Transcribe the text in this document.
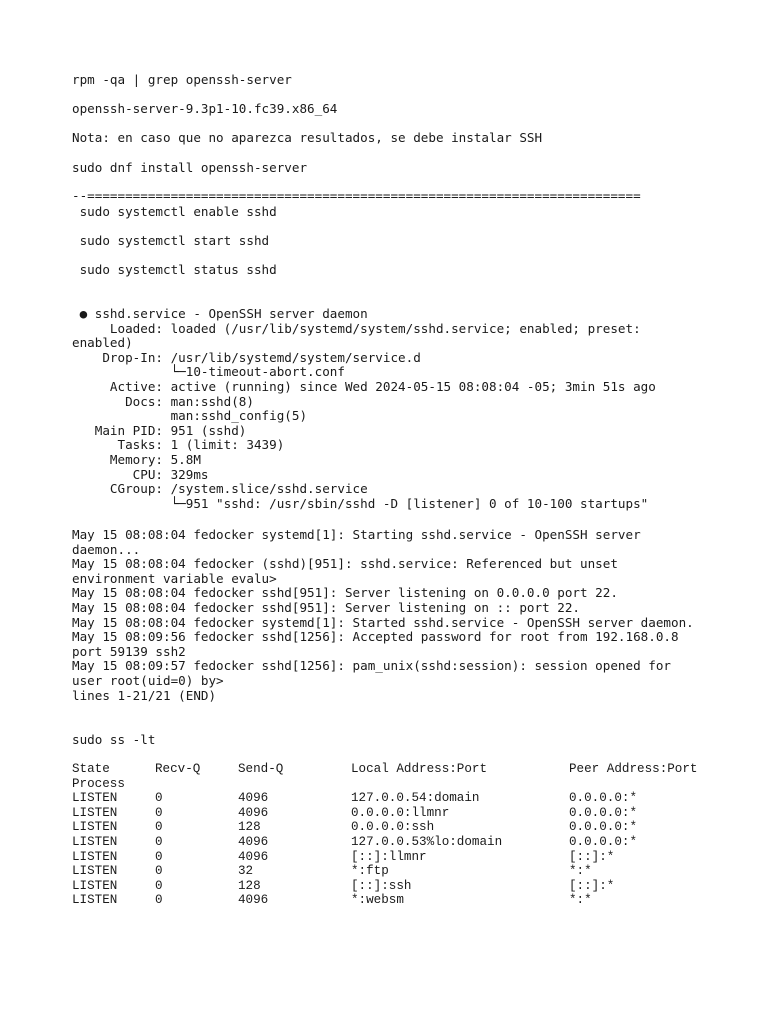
rpm -qa | grep openssh-server
openssh-server-9.3p1-10.fc39.x86_64
Nota: en caso que no aparezca resultados, se debe instalar SSH
sudo dnf install openssh-server
--=========================================================================
sudo systemctl enable sshd
sudo systemctl start sshd
sudo systemctl status sshd
● sshd.service - OpenSSH server daemon
Loaded: loaded (/usr/lib/systemd/system/sshd.service; enabled; preset:
enabled)
Drop-In: /usr/lib/systemd/system/service.d
└─10-timeout-abort.conf
Active: active (running) since Wed 2024-05-15 08:08:04 -05; 3min 51s ago
Docs: man:sshd(8)
man:sshd_config(5)
Main PID: 951 (sshd)
Tasks: 1 (limit: 3439)
Memory: 5.8M
CPU: 329ms
CGroup: /system.slice/sshd.service
└─951 "sshd: /usr/sbin/sshd -D [listener] 0 of 10-100 startups"
May 15 08:08:04 fedocker systemd[1]: Starting sshd.service - OpenSSH server
daemon...
May 15 08:08:04 fedocker (sshd)[951]: sshd.service: Referenced but unset
environment variable evalu>
May 15 08:08:04 fedocker sshd[951]: Server listening on 0.0.0.0 port 22.
May 15 08:08:04 fedocker sshd[951]: Server listening on :: port 22.
May 15 08:08:04 fedocker systemd[1]: Started sshd.service - OpenSSH server daemon.
May 15 08:09:56 fedocker sshd[1256]: Accepted password for root from 192.168.0.8
port 59139 ssh2
May 15 08:09:57 fedocker sshd[1256]: pam_unix(sshd:session): session opened for
user root(uid=0) by>
lines 1-21/21 (END)
sudo ss -lt
State	Recv-Q	Send-Q	Local Address:Port	Peer Address:Port
Process				
LISTEN	0	4096	127.0.0.54:domain	0.0.0.0:*
LISTEN	0	4096	0.0.0.0:llmnr	0.0.0.0:*
LISTEN	0	128	0.0.0.0:ssh	0.0.0.0:*
LISTEN	0	4096	127.0.0.53%lo:domain	0.0.0.0:*
LISTEN	0	4096	[::]:llmnr	[::]:*
LISTEN	0	32	*:ftp	*:*
LISTEN	0	128	[::]:ssh	[::]:*
LISTEN	0	4096	*:websm	*:*
